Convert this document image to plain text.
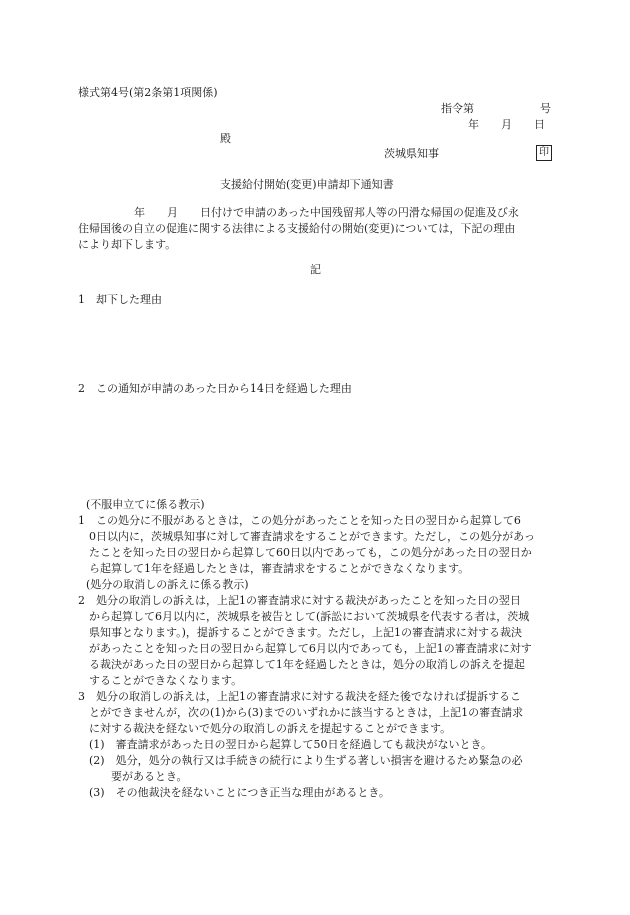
様式第4号(第2条第1項関係)
指令第　　　　　　号
年　　月　　日
殿
茨城県知事	印
支援給付開始(変更)申請却下通知書
年　　月　　日付けで申請のあった中国残留邦人等の円滑な帰国の促進及び永
住帰国後の自立の促進に関する法律による支援給付の開始(変更)については，下記の理由
により却下します。
記
1　却下した理由
2　この通知が申請のあった日から14日を経過した理由
(不服申立てに係る教示)
1　この処分に不服があるときは，この処分があったことを知った日の翌日から起算して6
0日以内に，茨城県知事に対して審査請求をすることができます。ただし，この処分があっ
たことを知った日の翌日から起算して60日以内であっても，この処分があった日の翌日か
ら起算して1年を経過したときは，審査請求をすることができなくなります。
(処分の取消しの訴えに係る教示)
2　処分の取消しの訴えは，上記1の審査請求に対する裁決があったことを知った日の翌日
から起算して6月以内に，茨城県を被告として(訴訟において茨城県を代表する者は，茨城
県知事となります。)，提訴することができます。ただし，上記1の審査請求に対する裁決
があったことを知った日の翌日から起算して6月以内であっても，上記1の審査請求に対す
る裁決があった日の翌日から起算して1年を経過したときは，処分の取消しの訴えを提起
することができなくなります。
3　処分の取消しの訴えは，上記1の審査請求に対する裁決を経た後でなければ提訴するこ
とができませんが，次の(1)から(3)までのいずれかに該当するときは，上記1の審査請求
に対する裁決を経ないで処分の取消しの訴えを提起することができます。
(1)　審査請求があった日の翌日から起算して50日を経過しても裁決がないとき。
(2)　処分，処分の執行又は手続きの続行により生ずる著しい損害を避けるため緊急の必
要があるとき。
(3)　その他裁決を経ないことにつき正当な理由があるとき。
